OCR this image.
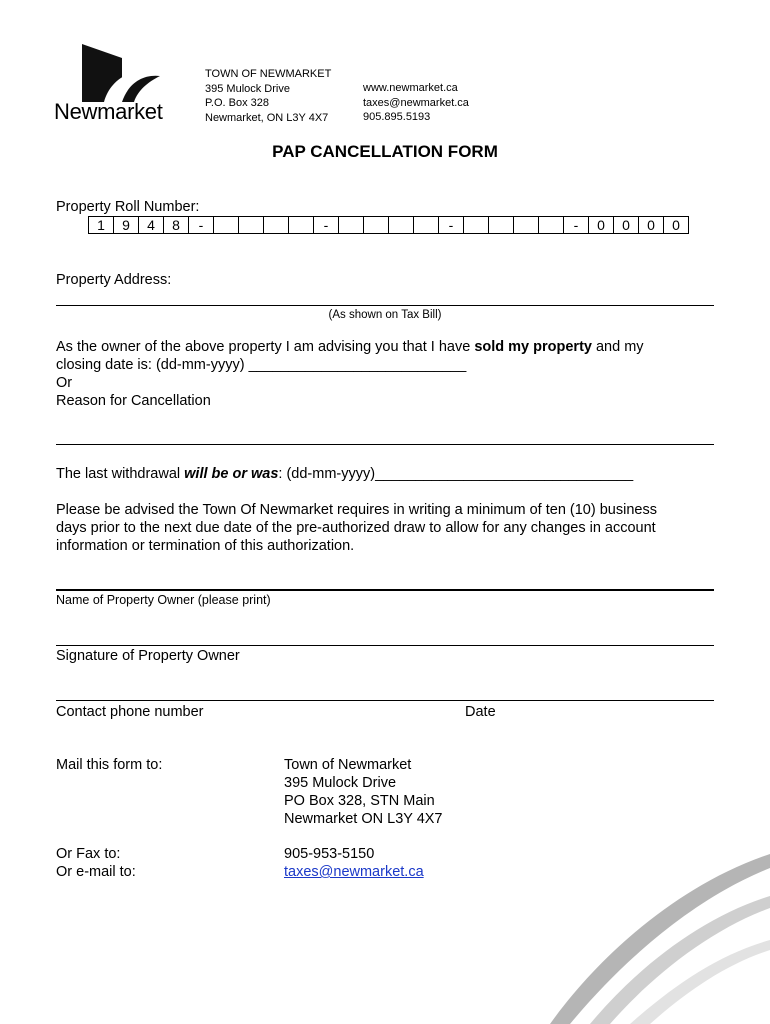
Newmarket
TOWN OF NEWMARKET
395 Mulock Drive
P.O. Box 328
Newmarket, ON L3Y 4X7
www.newmarket.ca
taxes@newmarket.ca
905.895.5193
PAP CANCELLATION FORM
Property Roll Number:
1	9	4	8	-					-					-					-	0	0	0	0
Property Address:
(As shown on Tax Bill)
As the owner of the above property I am advising you that I have sold my property and my
closing date is: (dd-mm-yyyy) ___________________________
Or
Reason for Cancellation
The last withdrawal will be or was: (dd-mm-yyyy)________________________________
Please be advised the Town Of Newmarket requires in writing a minimum of ten (10) business
days prior to the next due date of the pre-authorized draw to allow for any changes in account
information or termination of this authorization.
Name of Property Owner (please print)
Signature of Property Owner
Contact phone number	Date
Mail this form to:	Town of Newmarket
395 Mulock Drive
PO Box 328, STN Main
Newmarket ON L3Y 4X7
Or Fax to:	905-953-5150
Or e-mail to:	taxes@newmarket.ca
